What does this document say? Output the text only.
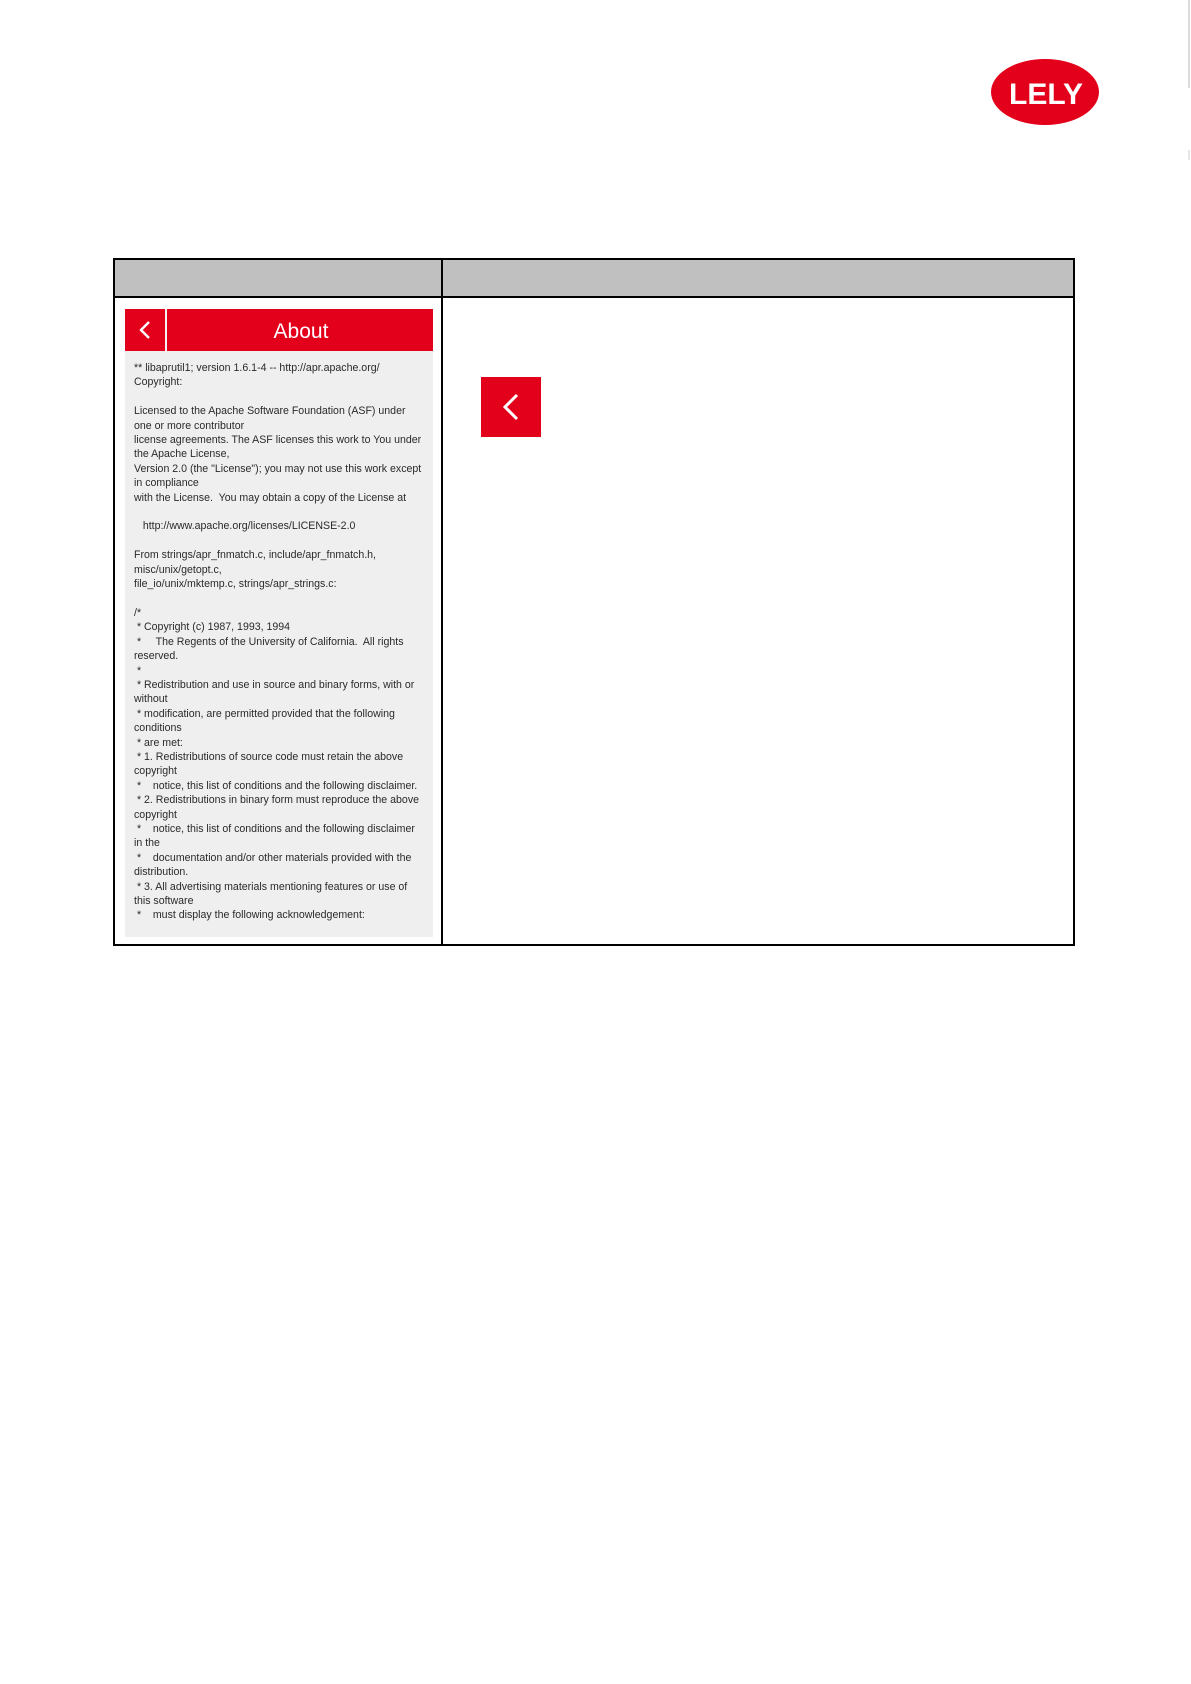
LELY
About
** libaprutil1; version 1.6.1-4 -- http://apr.apache.org/
Copyright:

Licensed to the Apache Software Foundation (ASF) under one or more contributor
license agreements. The ASF licenses this work to You under the Apache License,
Version 2.0 (the "License"); you may not use this work except in compliance
with the License.  You may obtain a copy of the License at

http://www.apache.org/licenses/LICENSE-2.0

From strings/apr_fnmatch.c, include/apr_fnmatch.h, misc/unix/getopt.c,
file_io/unix/mktemp.c, strings/apr_strings.c:

/*
* Copyright (c) 1987, 1993, 1994
*     The Regents of the University of California.  All rights reserved.
*
* Redistribution and use in source and binary forms, with or without
* modification, are permitted provided that the following conditions
* are met:
* 1. Redistributions of source code must retain the above copyright
*    notice, this list of conditions and the following disclaimer.
* 2. Redistributions in binary form must reproduce the above copyright
*    notice, this list of conditions and the following disclaimer in the
*    documentation and/or other materials provided with the distribution.
* 3. All advertising materials mentioning features or use of this software
*    must display the following acknowledgement:
